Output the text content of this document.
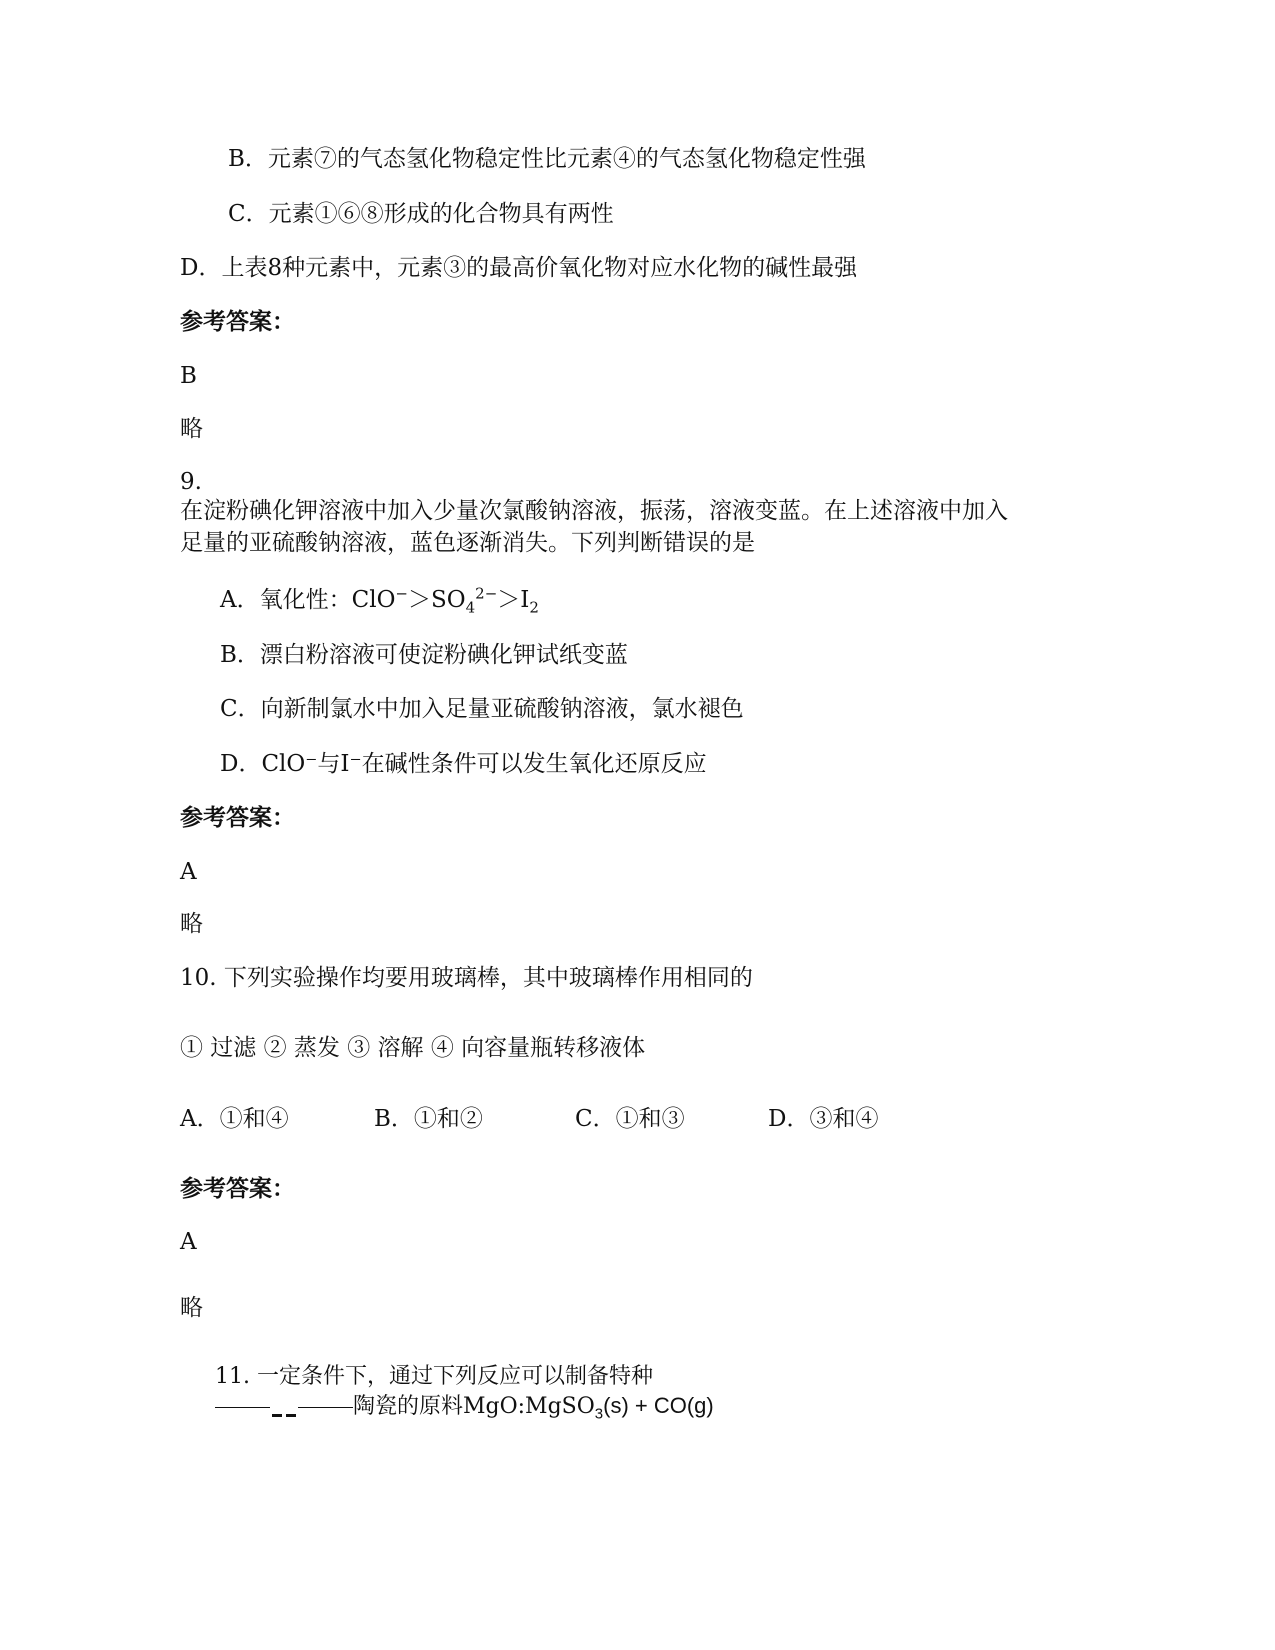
B．元素⑦的气态氢化物稳定性比元素④的气态氢化物稳定性强
C．元素①⑥⑧形成的化合物具有两性
D．上表8种元素中，元素③的最高价氧化物对应水化物的碱性最强
参考答案：
B
略
9.
在淀粉碘化钾溶液中加入少量次氯酸钠溶液，振荡，溶液变蓝。在上述溶液中加入
足量的亚硫酸钠溶液，蓝色逐渐消失。下列判断错误的是
A．氧化性：$ClO^->SO_4^{2-}>I_2$
B．漂白粉溶液可使淀粉碘化钾试纸变蓝
C．向新制氯水中加入足量亚硫酸钠溶液，氯水褪色
D．ClO⁻与I⁻在碱性条件可以发生氧化还原反应
参考答案：
A
略
10. 下列实验操作均要用玻璃棒，其中玻璃棒作用相同的
① 过滤 ② 蒸发 ③ 溶解 ④ 向容量瓶转移液体
A．①和④	B．①和②	C．①和③	D．③和④
参考答案：
A
略
11. 一定条件下，通过下列反应可以制备特种
陶瓷的原料MgO:MgSO$_3$(s) + CO(g)
